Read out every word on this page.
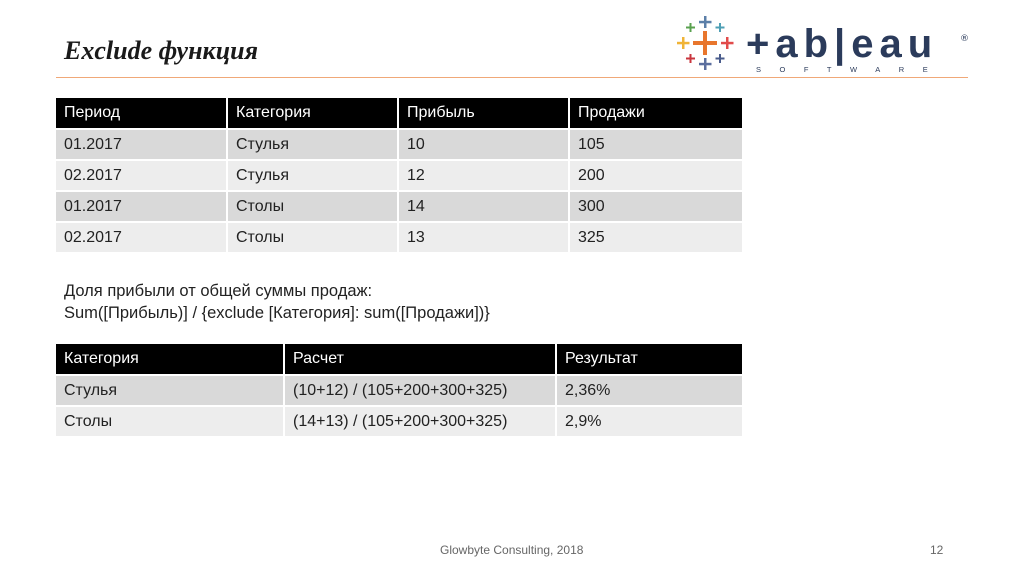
Exclude функция	+ab|eau
SOFTWARE
®
Период	Категория	Прибыль	Продажи
01.2017	Стулья	10	105
02.2017	Стулья	12	200
01.2017	Столы	14	300
02.2017	Столы	13	325
Доля прибыли от общей суммы продаж:
Sum([Прибыль)] / {exclude [Категория]: sum([Продажи])}
Категория	Расчет	Результат
Стулья	(10+12) / (105+200+300+325)	2,36%
Столы	(14+13) / (105+200+300+325)	2,9%
Glowbyte Consulting, 2018	12
